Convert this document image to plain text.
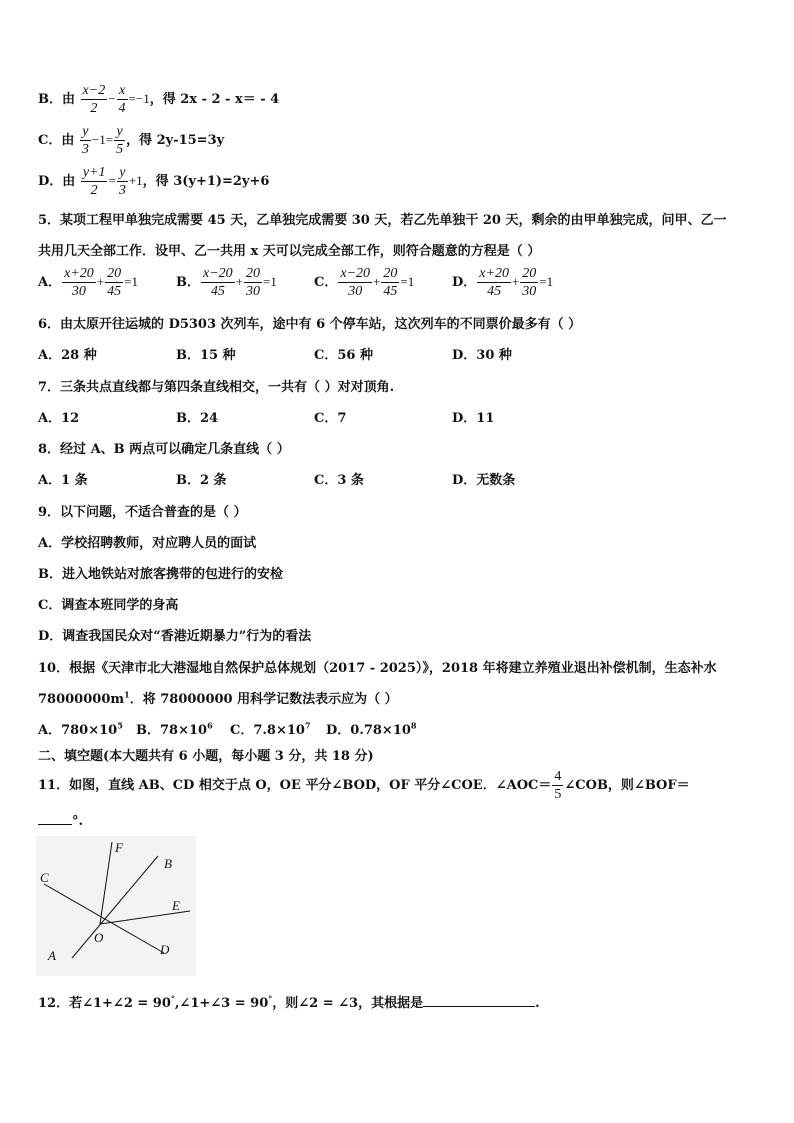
B．由 $\frac{x-2}{2} - \frac{x}{4} =-1$，得 2x - 2 - x＝ - 4
C．由 $\frac{y}{3} -1= \frac{y}{5}$ ，得 2y-15=3y
D．由 $\frac{y+1}{2} = \frac{y}{3} +1$，得 3(y+1)=2y+6
5．某项工程甲单独完成需要 45 天，乙单独完成需要 30 天，若乙先单独干 20 天，剩余的由甲单独完成，问甲、乙一
共用几天全部工作．设甲、乙一共用 x 天可以完成全部工作，则符合题意的方程是（ ）
A． $\frac{x+20}{30} + \frac{20}{45} =1$	B． $\frac{x-20}{45} + \frac{20}{30} =1$	C． $\frac{x-20}{30} + \frac{20}{45} =1$	D． $\frac{x+20}{45} + \frac{20}{30} =1$
6．由太原开往运城的 D5303 次列车，途中有 6 个停车站，这次列车的不同票价最多有（ ）
A．28 种	B．15 种	C．56 种	D．30 种
7．三条共点直线都与第四条直线相交，一共有（ ）对对顶角.
A．12	B．24	C．7	D．11
8．经过 A、B 两点可以确定几条直线（ ）
A．1 条	B．2 条	C．3 条	D．无数条
9．以下问题，不适合普查的是（ ）
A．学校招聘教师，对应聘人员的面试
B．进入地铁站对旅客携带的包进行的安检
C．调查本班同学的身高
D．调查我国民众对“香港近期暴力”行为的看法
10．根据《天津市北大港湿地自然保护总体规划（2017 - 2025）》，2018 年将建立养殖业退出补偿机制，生态补水
$78000000m^1$．将 78000000 用科学记数法表示应为（ ）
A．$780\times 10^5$ B．$78\times 10^6$ C．$7.8\times 10^7$ D．$0.78\times 10^8$
二、填空题(本大题共有 6 小题，每小题 3 分，共 18 分)
11．如图，直线 AB、CD 相交于点 O，OE 平分∠BOD，OF 平分∠COE．∠AOC＝ $\frac{4}{5}$ ∠COB，则∠BOF＝
°.
F
B
C
E
O
D
A
12．若∠1+∠2 = 90°,∠1+∠3 = 90°，则∠2 = ∠3，其根据是	.
